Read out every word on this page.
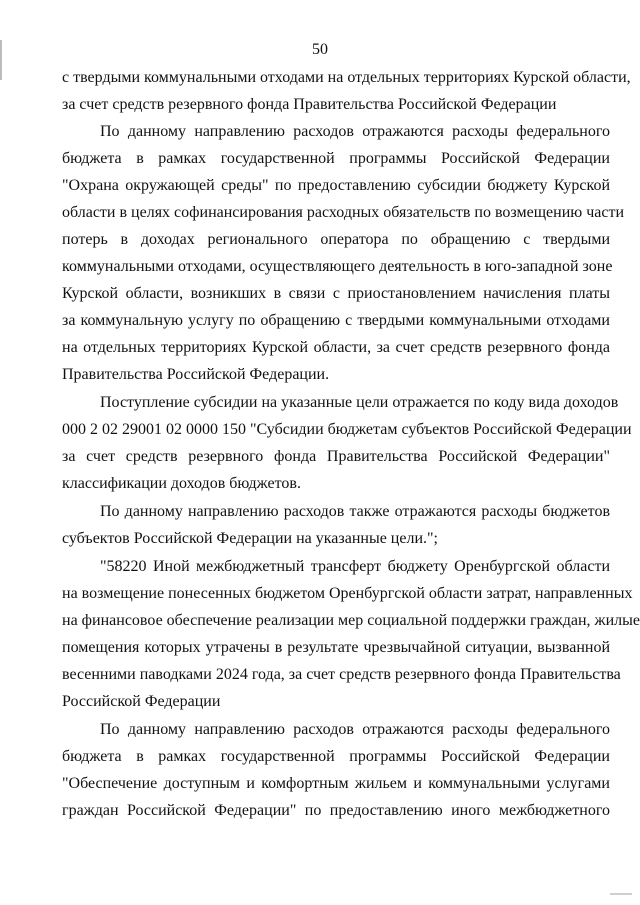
50
с твердыми коммунальными отходами на отдельных территориях Курской области,
за счет средств резервного фонда Правительства Российской Федерации
По данному направлению расходов отражаются расходы федерального
бюджета в рамках государственной программы Российской Федерации
"Охрана окружающей среды" по предоставлению субсидии бюджету Курской
области в целях софинансирования расходных обязательств по возмещению части
потерь в доходах регионального оператора по обращению с твердыми
коммунальными отходами, осуществляющего деятельность в юго-западной зоне
Курской области, возникших в связи с приостановлением начисления платы
за коммунальную услугу по обращению с твердыми коммунальными отходами
на отдельных территориях Курской области, за счет средств резервного фонда
Правительства Российской Федерации.
Поступление субсидии на указанные цели отражается по коду вида доходов
000 2 02 29001 02 0000 150 "Субсидии бюджетам субъектов Российской Федерации
за счет средств резервного фонда Правительства Российской Федерации"
классификации доходов бюджетов.
По данному направлению расходов также отражаются расходы бюджетов
субъектов Российской Федерации на указанные цели.";
"58220 Иной межбюджетный трансферт бюджету Оренбургской области
на возмещение понесенных бюджетом Оренбургской области затрат, направленных
на финансовое обеспечение реализации мер социальной поддержки граждан, жилые
помещения которых утрачены в результате чрезвычайной ситуации, вызванной
весенними паводками 2024 года, за счет средств резервного фонда Правительства
Российской Федерации
По данному направлению расходов отражаются расходы федерального
бюджета в рамках государственной программы Российской Федерации
"Обеспечение доступным и комфортным жильем и коммунальными услугами
граждан Российской Федерации" по предоставлению иного межбюджетного
